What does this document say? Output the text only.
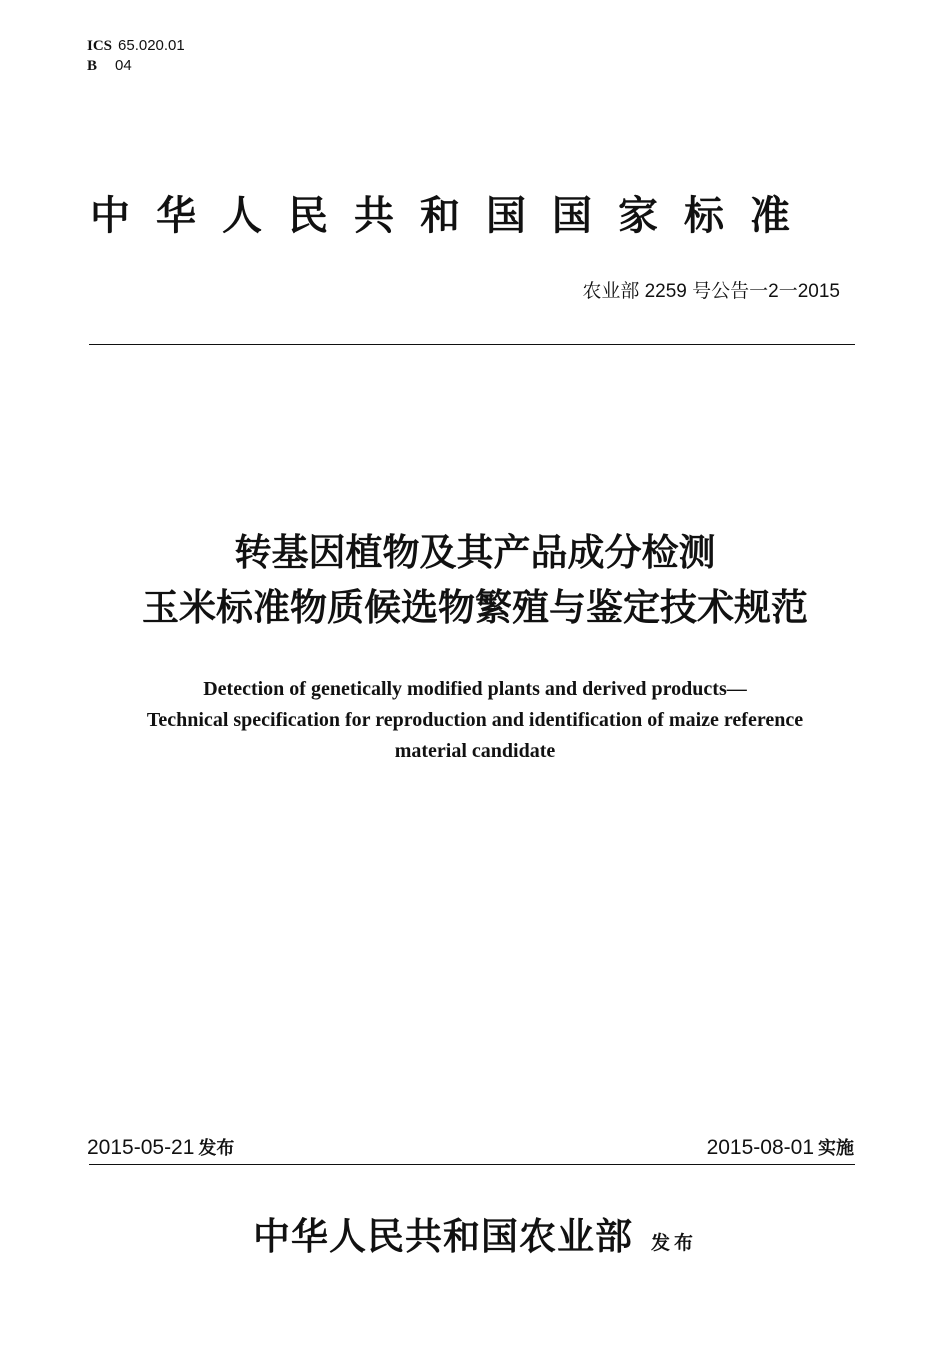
ICS 65.020.01
B 04
中华人民共和国国家标准
农业部 2259 号公告一2一2015
转基因植物及其产品成分检测
玉米标准物质候选物繁殖与鉴定技术规范
Detection of genetically modified plants and derived products—
Technical specification for reproduction and identification of maize reference
material candidate
2015-05-21 发布	2015-08-01 实施
中华人民共和国农业部 发布
